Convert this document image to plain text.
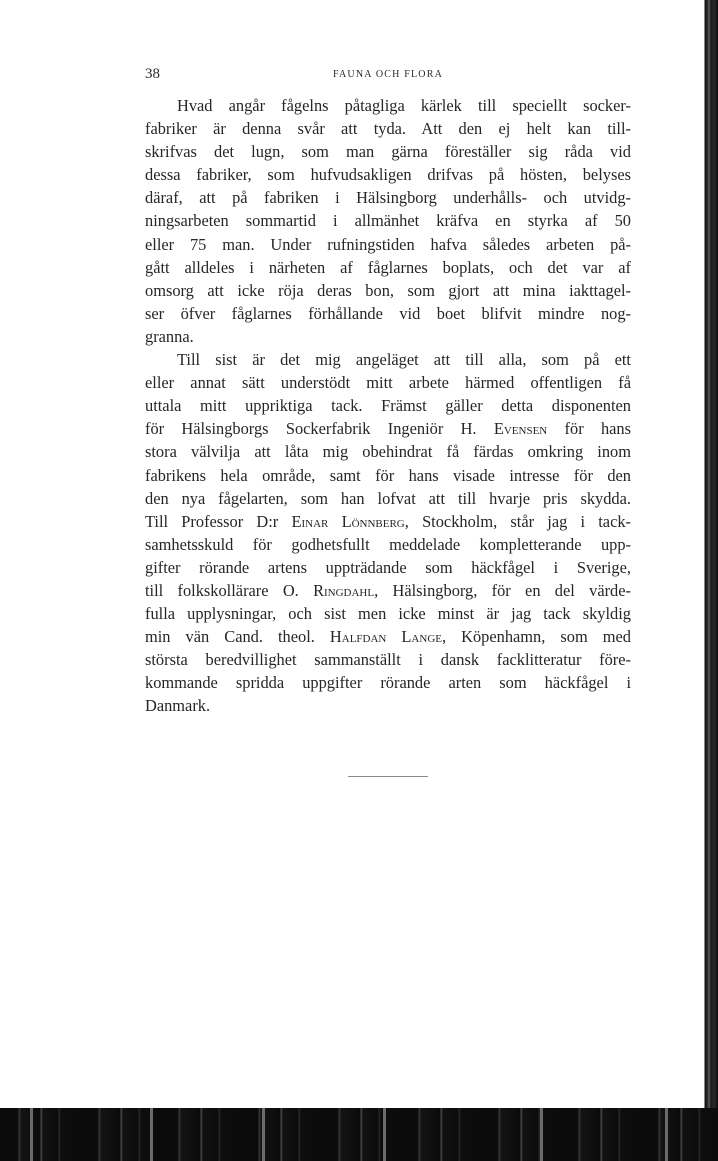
38	FAUNA OCH FLORA
Hvad angår fågelns påtagliga kärlek till speciellt socker-
fabriker är denna svår att tyda. Att den ej helt kan till-
skrifvas det lugn, som man gärna föreställer sig råda vid
dessa fabriker, som hufvudsakligen drifvas på hösten, belyses
däraf, att på fabriken i Hälsingborg underhålls- och utvidg-
ningsarbeten sommartid i allmänhet kräfva en styrka af 50
eller 75 man. Under rufningstiden hafva således arbeten på-
gått alldeles i närheten af fåglarnes boplats, och det var af
omsorg att icke röja deras bon, som gjort att mina iakttagel-
ser öfver fåglarnes förhållande vid boet blifvit mindre nog-
granna.
Till sist är det mig angeläget att till alla, som på ett
eller annat sätt understödt mitt arbete härmed offentligen få
uttala mitt uppriktiga tack. Främst gäller detta disponenten
för Hälsingborgs Sockerfabrik Ingeniör H. Evensen för hans
stora välvilja att låta mig obehindrat få färdas omkring inom
fabrikens hela område, samt för hans visade intresse för den
den nya fågelarten, som han lofvat att till hvarje pris skydda.
Till Professor D:r Einar Lönnberg, Stockholm, står jag i tack-
samhetsskuld för godhetsfullt meddelade kompletterande upp-
gifter rörande artens uppträdande som häckfågel i Sverige,
till folkskollärare O. Ringdahl, Hälsingborg, för en del värde-
fulla upplysningar, och sist men icke minst är jag tack skyldig
min vän Cand. theol. Halfdan Lange, Köpenhamn, som med
största beredvillighet sammanställt i dansk facklitteratur före-
kommande spridda uppgifter rörande arten som häckfågel i
Danmark.
